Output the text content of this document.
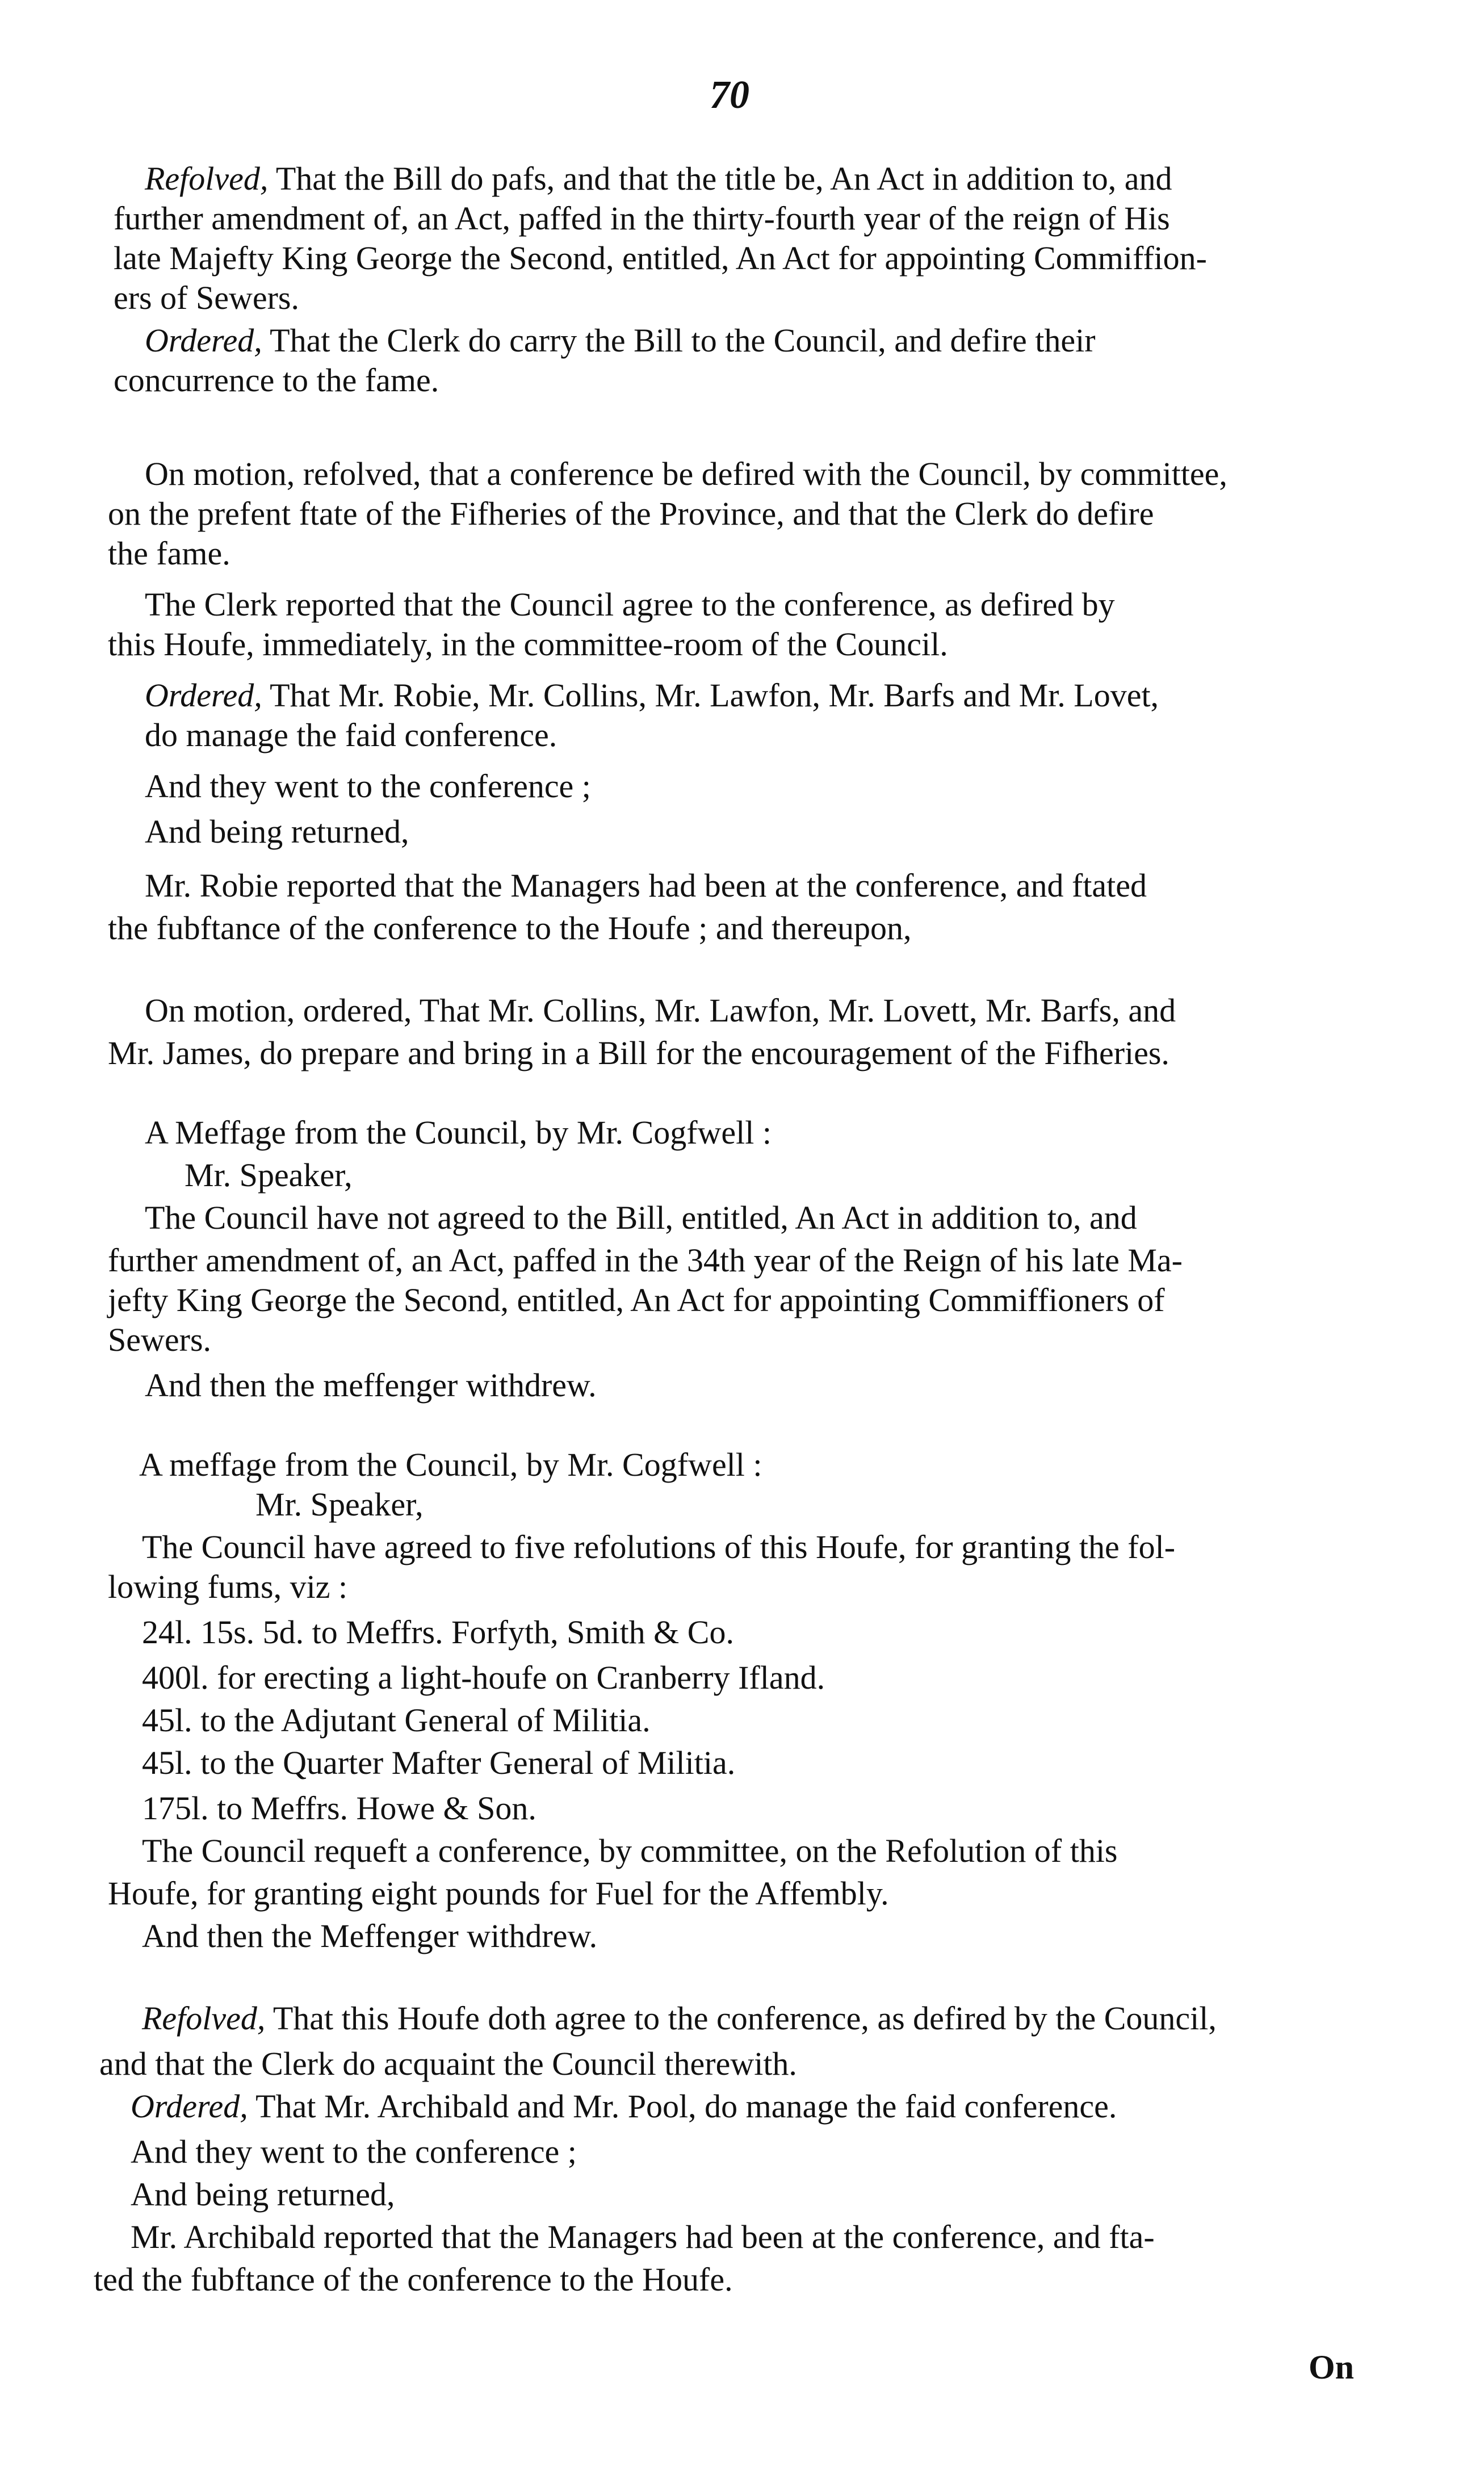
70
Refolved, That the Bill do pafs, and that the title be, An Act in addition to, and
further amendment of, an Act, paffed in the thirty-fourth year of the reign of His
late Majefty King George the Second, entitled, An Act for appointing Commiffion-
ers of Sewers.
Ordered, That the Clerk do carry the Bill to the Council, and defire their
concurrence to the fame.
On motion, refolved, that a conference be defired with the Council, by committee,
on the prefent ftate of the Fifheries of the Province, and that the Clerk do defire
the fame.
The Clerk reported that the Council agree to the conference, as defired by
this Houfe, immediately, in the committee-room of the Council.
Ordered, That Mr. Robie, Mr. Collins, Mr. Lawfon, Mr. Barfs and Mr. Lovet,
do manage the faid conference.
And they went to the conference ;
And being returned,
Mr. Robie reported that the Managers had been at the conference, and ftated
the fubftance of the conference to the Houfe ; and thereupon,
On motion, ordered, That Mr. Collins, Mr. Lawfon, Mr. Lovett, Mr. Barfs, and
Mr. James, do prepare and bring in a Bill for the encouragement of the Fifheries.
A Meffage from the Council, by Mr. Cogfwell :
Mr. Speaker,
The Council have not agreed to the Bill, entitled, An Act in addition to, and
further amendment of, an Act, paffed in the 34th year of the Reign of his late Ma-
jefty King George the Second, entitled, An Act for appointing Commiffioners of
Sewers.
And then the meffenger withdrew.
A meffage from the Council, by Mr. Cogfwell :
Mr. Speaker,
The Council have agreed to five refolutions of this Houfe, for granting the fol-
lowing fums, viz :
24l. 15s. 5d. to Meffrs. Forfyth, Smith & Co.
400l. for erecting a light-houfe on Cranberry Ifland.
45l. to the Adjutant General of Militia.
45l. to the Quarter Mafter General of Militia.
175l. to Meffrs. Howe & Son.
The Council requeft a conference, by committee, on the Refolution of this
Houfe, for granting eight pounds for Fuel for the Affembly.
And then the Meffenger withdrew.
Refolved, That this Houfe doth agree to the conference, as defired by the Council,
and that the Clerk do acquaint the Council therewith.
Ordered, That Mr. Archibald and Mr. Pool, do manage the faid conference.
And they went to the conference ;
And being returned,
Mr. Archibald reported that the Managers had been at the conference, and fta-
ted the fubftance of the conference to the Houfe.
On
